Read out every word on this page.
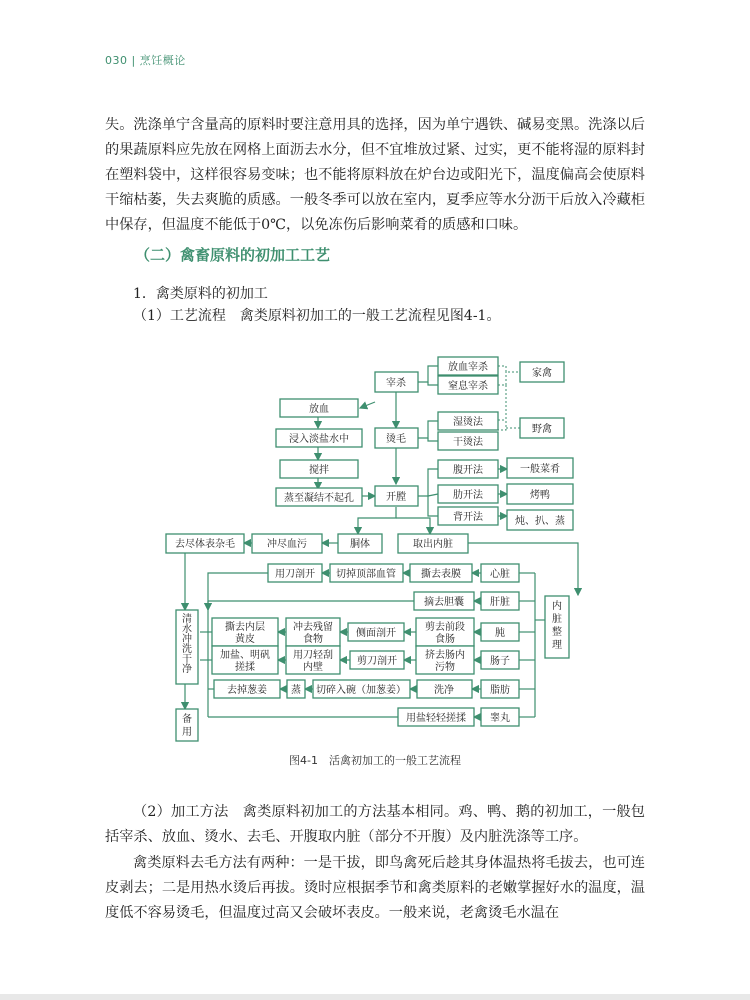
030 | 烹饪概论

失。洗涤单宁含量高的原料时要注意用具的选择，因为单宁遇铁、碱易变黑。洗涤以后的果蔬原料应先放在网格上面沥去水分，但不宜堆放过紧、过实，更不能将湿的原料封在塑料袋中，这样很容易变味；也不能将原料放在炉台边或阳光下，温度偏高会使原料干缩枯萎，失去爽脆的质感。一般冬季可以放在室内，夏季应等水分沥干后放入冷藏柜中保存，但温度不能低于0℃，以免冻伤后影响菜肴的质感和口味。

（二）禽畜原料的初加工工艺

1．禽类原料的初加工

（1）工艺流程　禽类原料初加工的一般工艺流程见图4-1。

宰杀
放血宰杀
窒息宰杀
家禽
野禽
放血
浸入淡盐水中
搅拌
蒸至凝结不起孔
烫毛
湿烫法
干烫法
开膛
腹开法
肋开法
背开法
一般菜肴
烤鸭
炖、扒、蒸
去尽体表杂毛	冲尽血污	胴体	取出内脏
内脏整理
心脏
肝脏
肫
肠子
脂肪
睾丸
撕去表膜
切掉顶部血管
用刀剖开
摘去胆囊
剪去前段食肠
侧面剖开
冲去残留食物
撕去内层黄皮
挤去肠内污物
剪刀剖开
用刀轻刮内壁
加盐、明矾搓揉
洗净
切碎入碗（加葱姜）
蒸
去掉葱姜
用盐轻轻搓揉
清水冲洗干净
备用
图4-1　活禽初加工的一般工艺流程

（2）加工方法　禽类原料初加工的方法基本相同。鸡、鸭、鹅的初加工，一般包括宰杀、放血、烫水、去毛、开腹取内脏（部分不开腹）及内脏洗涤等工序。

禽类原料去毛方法有两种：一是干拔，即鸟禽死后趁其身体温热将毛拔去，也可连皮剥去；二是用热水烫后再拔。烫时应根据季节和禽类原料的老嫩掌握好水的温度，温度低不容易烫毛，但温度过高又会破坏表皮。一般来说，老禽烫毛水温在
